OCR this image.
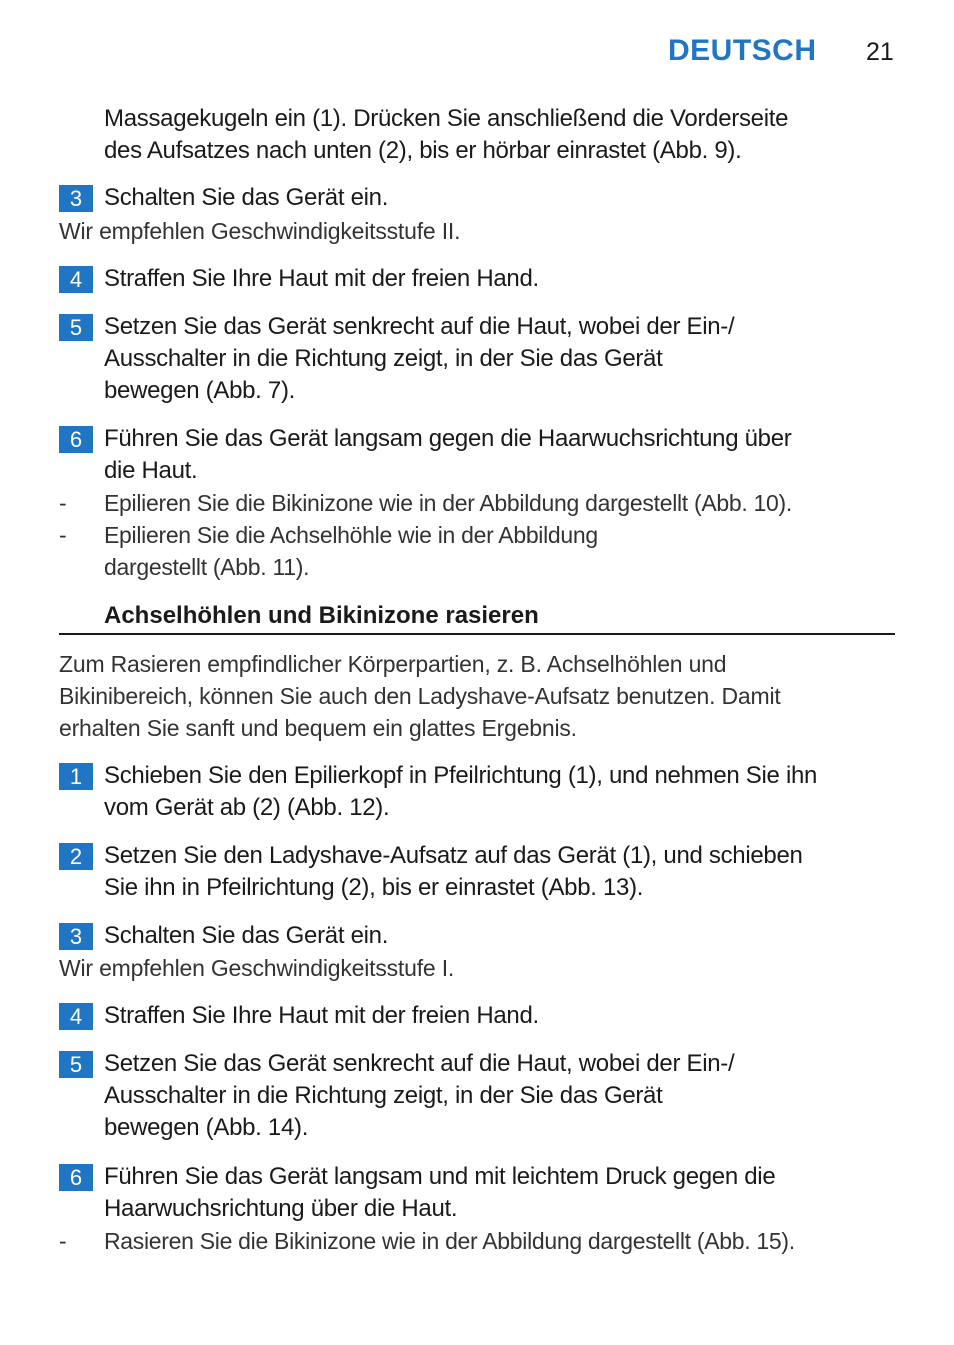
DEUTSCH 21
Massagekugeln ein (1). Drücken Sie anschließend die Vorderseite
des Aufsatzes nach unten (2), bis er hörbar einrastet (Abb. 9).
3 Schalten Sie das Gerät ein.
Wir empfehlen Geschwindigkeitsstufe II.
4 Straffen Sie Ihre Haut mit der freien Hand.
5 Setzen Sie das Gerät senkrecht auf die Haut, wobei der Ein-/
Ausschalter in die Richtung zeigt, in der Sie das Gerät
bewegen (Abb. 7).
6 Führen Sie das Gerät langsam gegen die Haarwuchsrichtung über
die Haut.
- Epilieren Sie die Bikinizone wie in der Abbildung dargestellt (Abb. 10).
- Epilieren Sie die Achselhöhle wie in der Abbildung
dargestellt (Abb. 11).
Achselhöhlen und Bikinizone rasieren
Zum Rasieren empfindlicher Körperpartien, z. B. Achselhöhlen und
Bikinibereich, können Sie auch den Ladyshave-Aufsatz benutzen. Damit
erhalten Sie sanft und bequem ein glattes Ergebnis.
1 Schieben Sie den Epilierkopf in Pfeilrichtung (1), und nehmen Sie ihn
vom Gerät ab (2) (Abb. 12).
2 Setzen Sie den Ladyshave-Aufsatz auf das Gerät (1), und schieben
Sie ihn in Pfeilrichtung (2), bis er einrastet (Abb. 13).
3 Schalten Sie das Gerät ein.
Wir empfehlen Geschwindigkeitsstufe I.
4 Straffen Sie Ihre Haut mit der freien Hand.
5 Setzen Sie das Gerät senkrecht auf die Haut, wobei der Ein-/
Ausschalter in die Richtung zeigt, in der Sie das Gerät
bewegen (Abb. 14).
6 Führen Sie das Gerät langsam und mit leichtem Druck gegen die
Haarwuchsrichtung über die Haut.
- Rasieren Sie die Bikinizone wie in der Abbildung dargestellt (Abb. 15).
